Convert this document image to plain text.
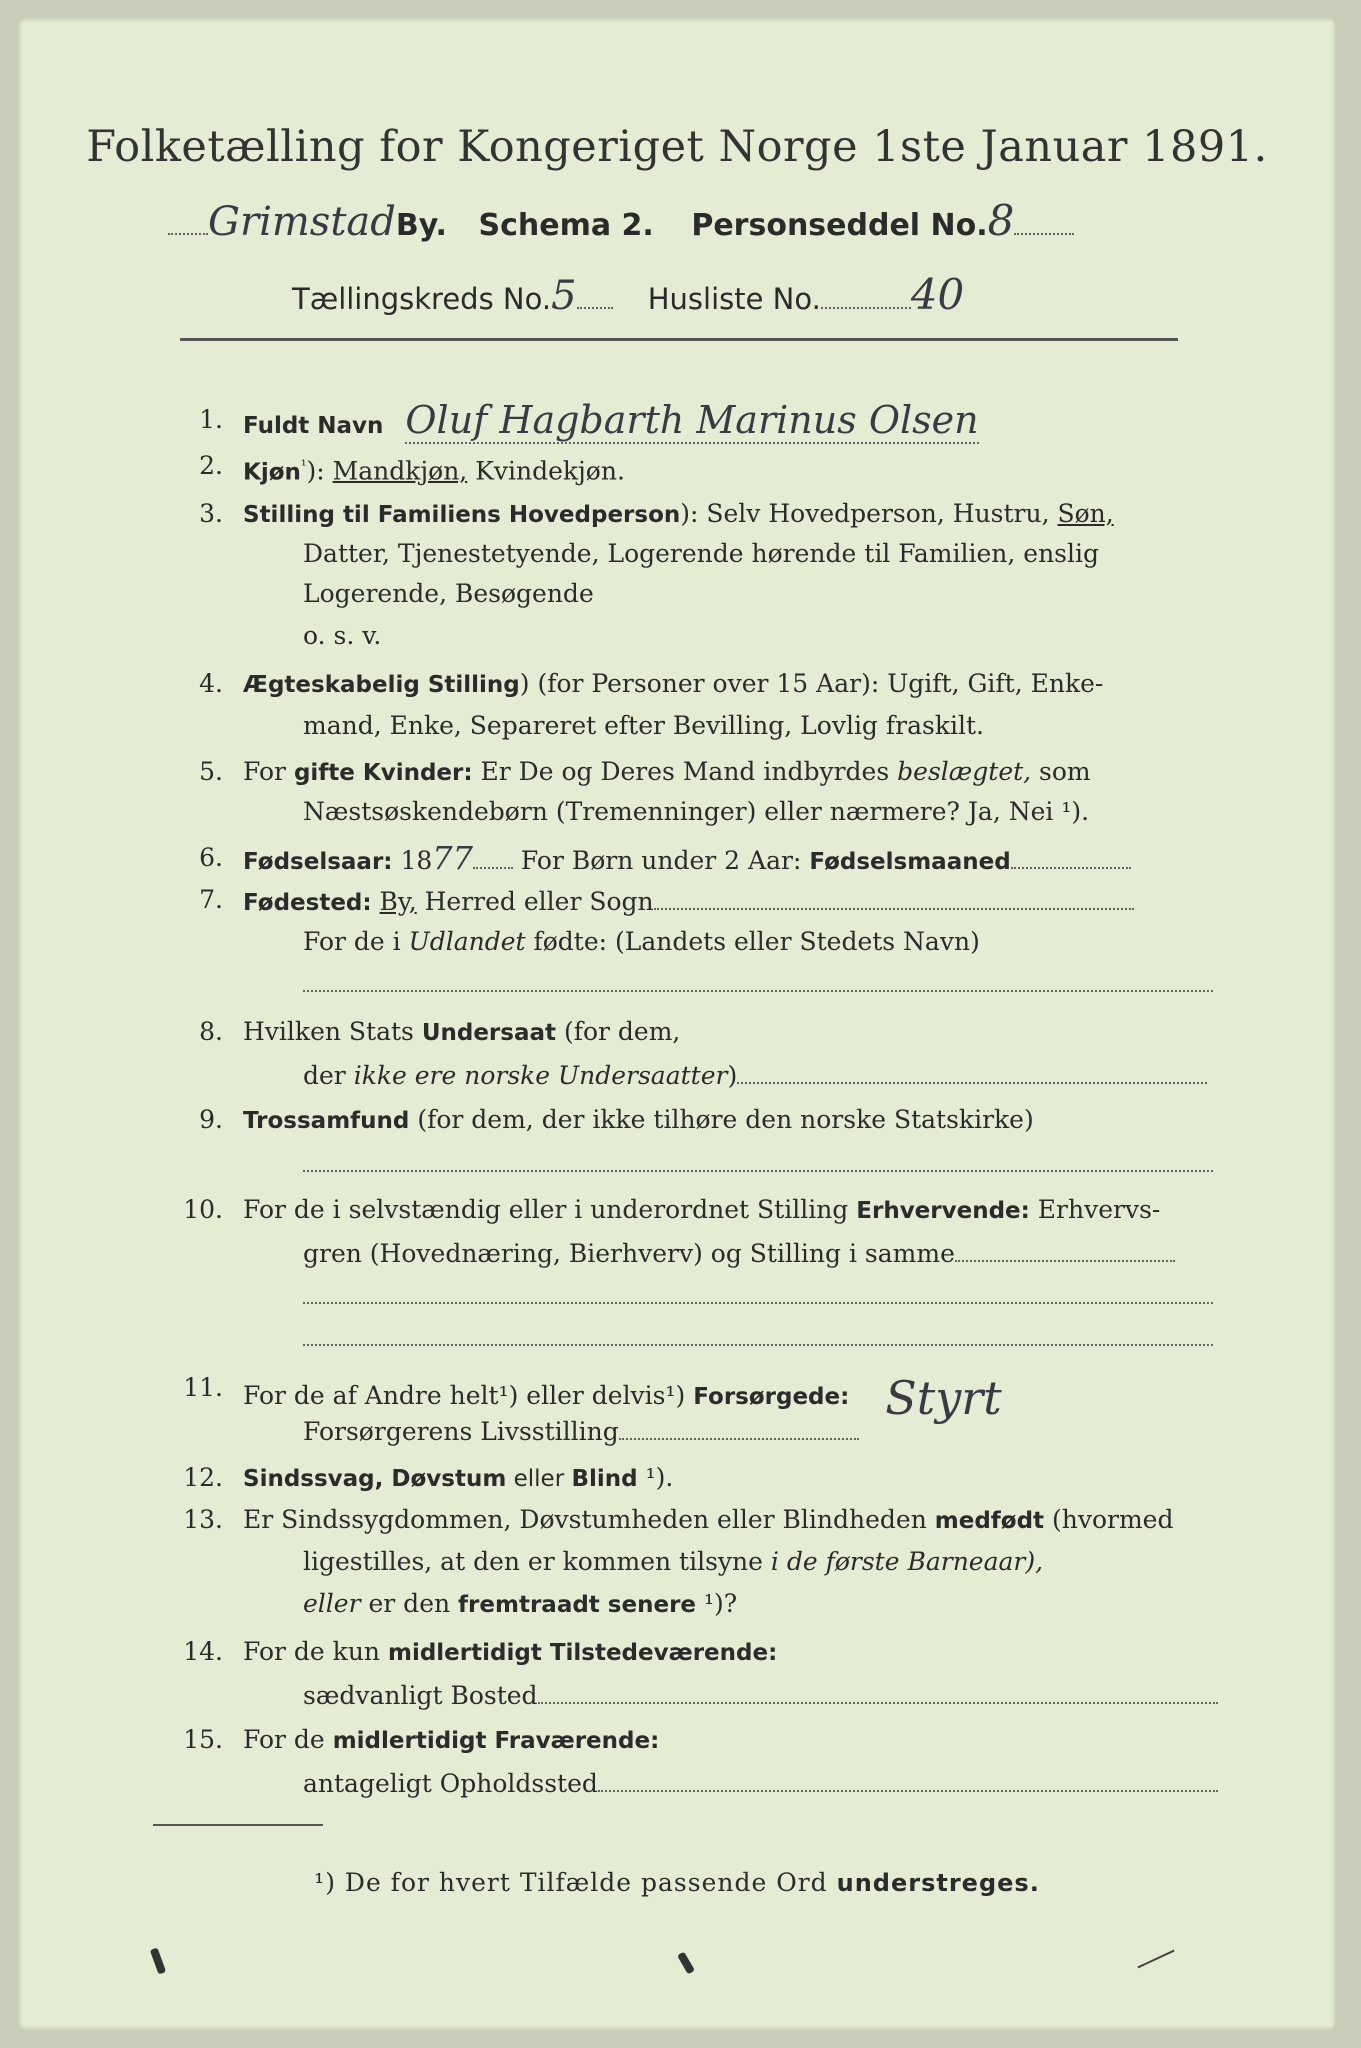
Folketælling for Kongeriget Norge 1ste Januar 1891.
GrimstadBy. Schema 2. Personseddel No.8
Tællingskreds No.5 Husliste No. 40
1. Fuldt Navn Oluf Hagbarth Marinus Olsen
2. Kjøn$^{^1}$): Mandkjøn, Kvindekjøn.
3. Stilling til Familiens Hovedperson): Selv Hovedperson, Hustru, Søn,
Datter, Tjenestetyende, Logerende hørende til Familien, enslig
Logerende, Besøgende
o. s. v.
4. Ægteskabelig Stilling) (for Personer over 15 Aar): Ugift, Gift, Enke-
mand, Enke, Separeret efter Bevilling, Lovlig fraskilt.
5. For gifte Kvinder: Er De og Deres Mand indbyrdes beslægtet, som
Næstsøskendebørn (Tremenninger) eller nærmere? Ja, Nei ¹).
6. Fødselsaar: 1877 For Børn under 2 Aar: Fødselsmaaned
7. Fødested: By, Herred eller Sogn
For de i Udlandet fødte: (Landets eller Stedets Navn)
8. Hvilken Stats Undersaat (for dem,
der ikke ere norske Undersaatter)
9. Trossamfund (for dem, der ikke tilhøre den norske Statskirke)
10. For de i selvstændig eller i underordnet Stilling Erhvervende: Erhvervs-
gren (Hovednæring, Bierhverv) og Stilling i samme
11. For de af Andre helt¹) eller delvis¹) Forsørgede: Styrt
Forsørgerens Livsstilling
12. Sindssvag, Døvstum eller Blind ¹).
13. Er Sindssygdommen, Døvstumheden eller Blindheden medfødt (hvormed
ligestilles, at den er kommen tilsyne i de første Barneaar),
eller er den fremtraadt senere ¹)?
14. For de kun midlertidigt Tilstedeværende:
sædvanligt Bosted
15. For de midlertidigt Fraværende:
antageligt Opholdssted
¹) De for hvert Tilfælde passende Ord understreges.
